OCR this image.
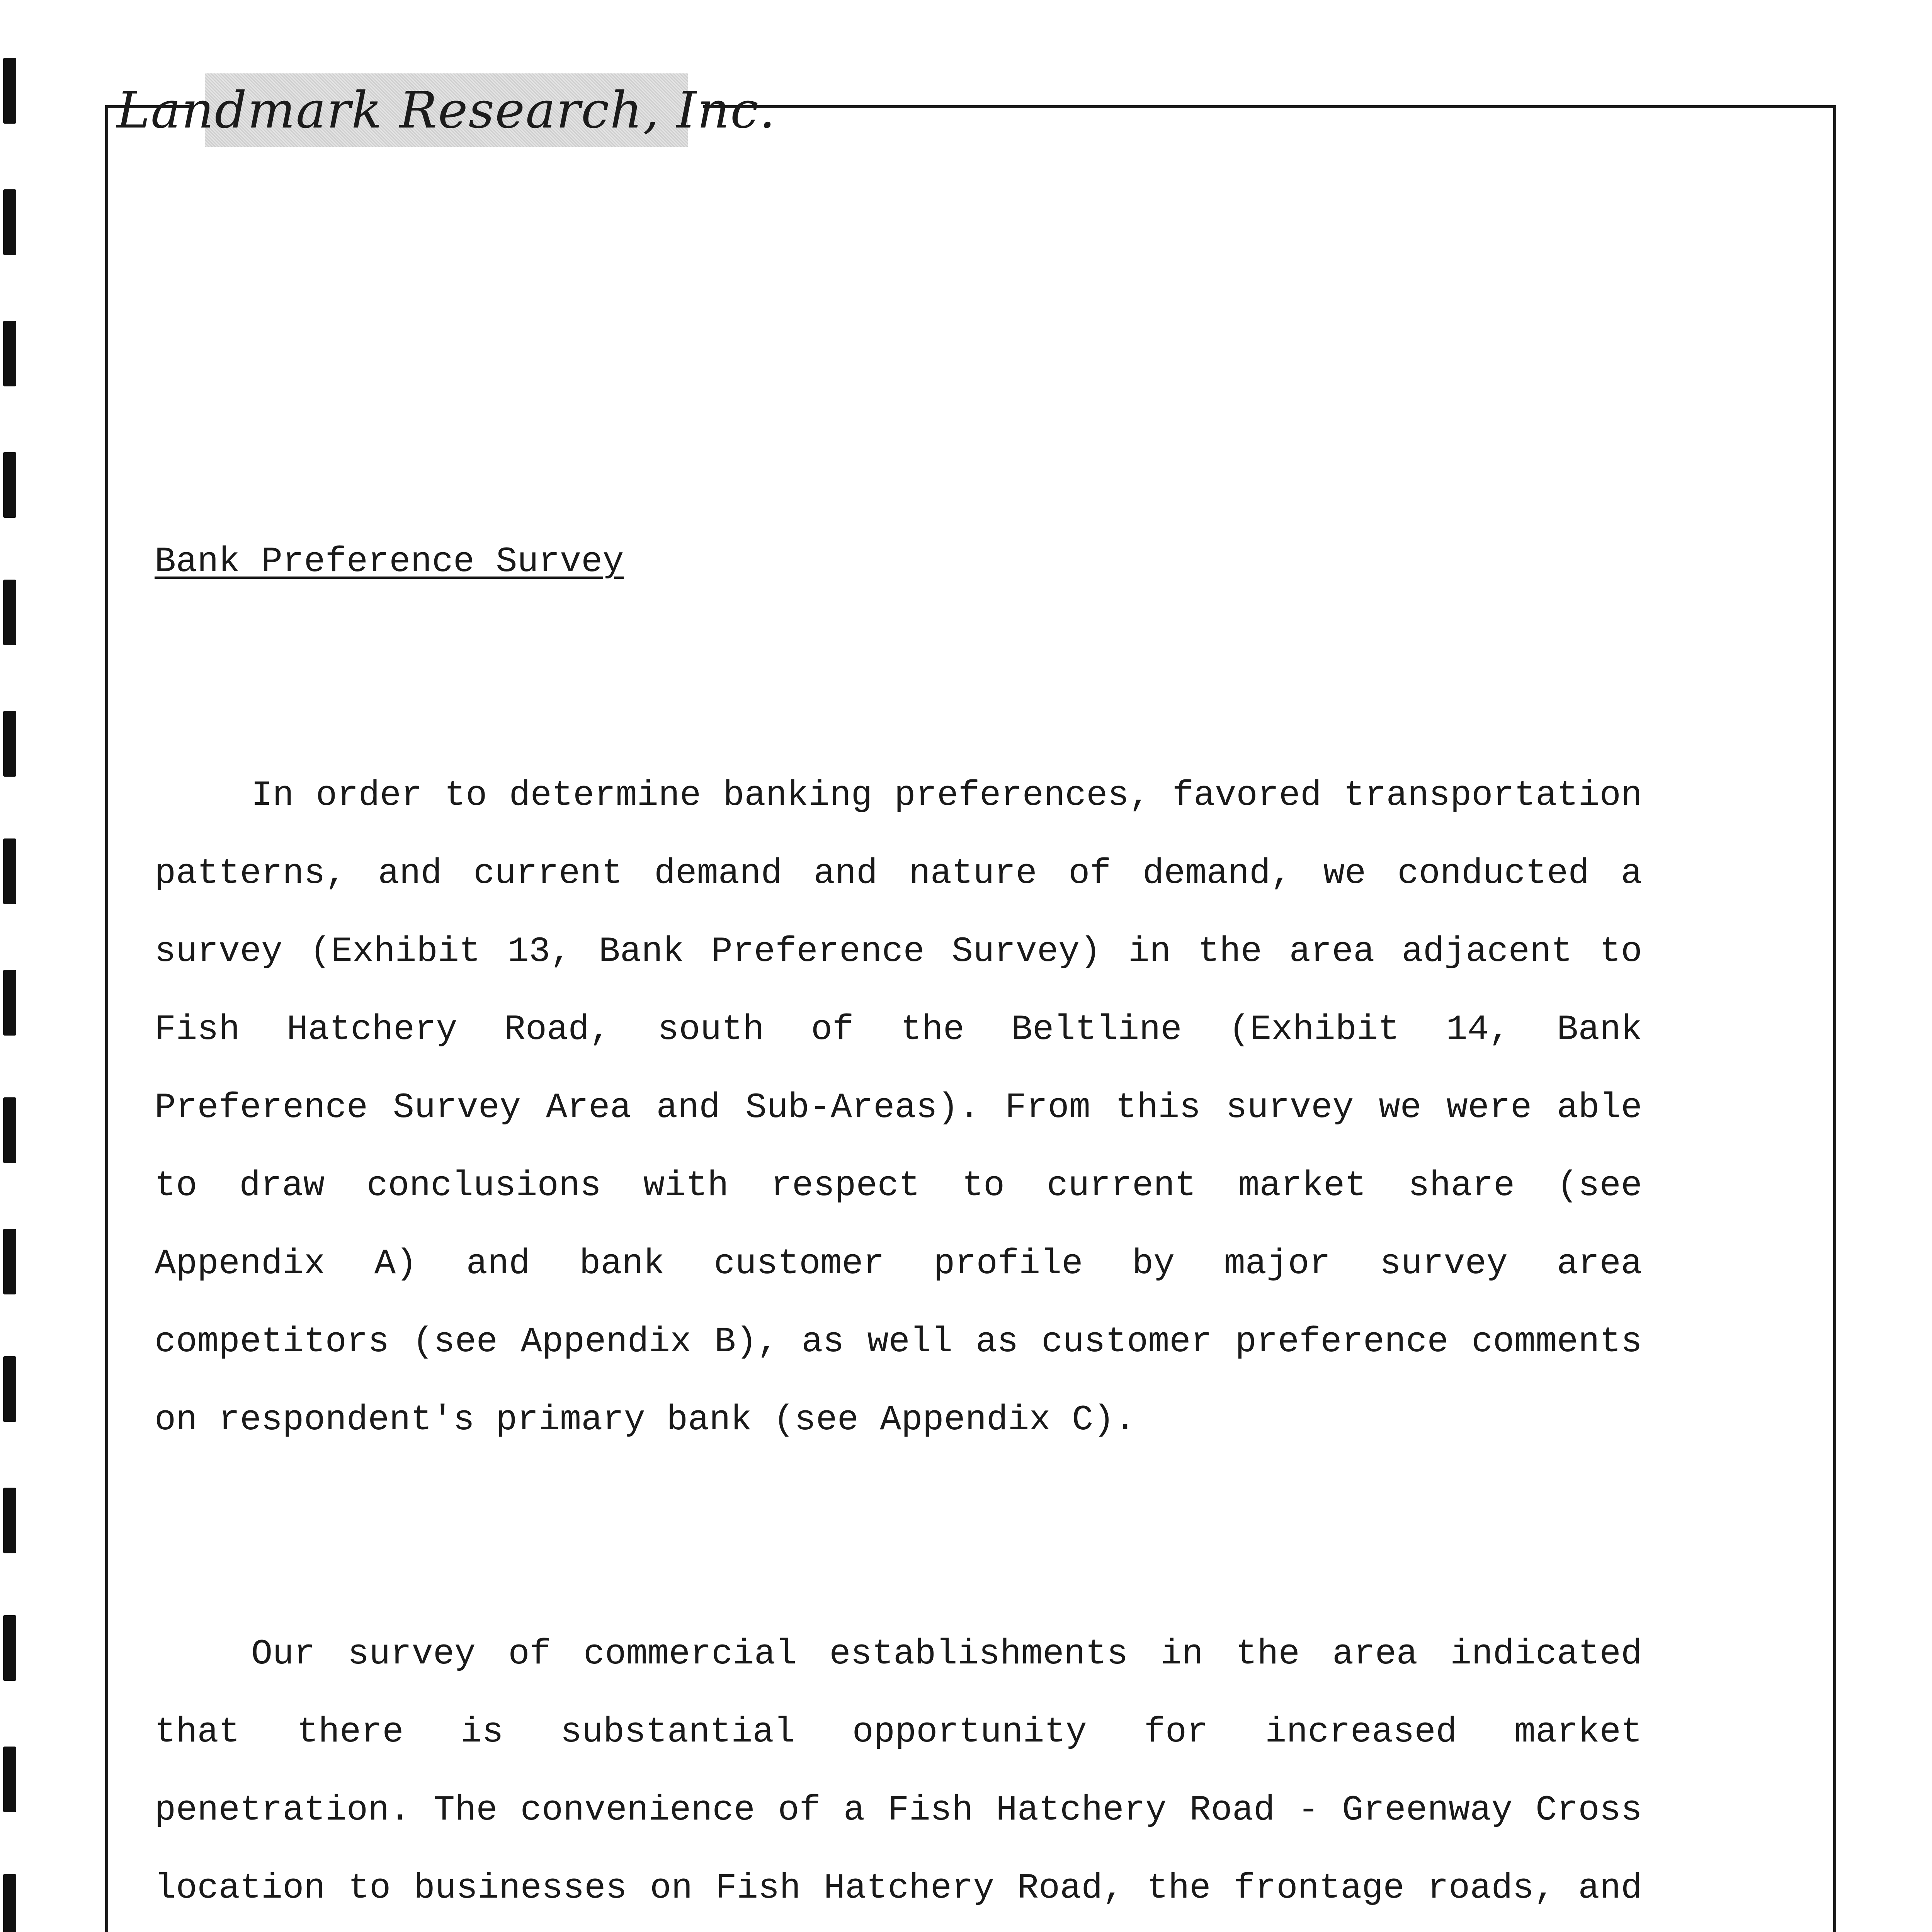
Landmark Research, Inc.

Bank Preference Survey

In order to determine banking preferences, favored transportation patterns, and current demand and nature of demand, we conducted a survey (Exhibit 13, Bank Preference Survey) in the area adjacent to Fish Hatchery Road, south of the Beltline (Exhibit 14, Bank Preference Survey Area and Sub-Areas). From this survey we were able to draw conclusions with respect to current market share (see Appendix A) and bank customer profile by major survey area competitors (see Appendix B), as well as customer preference comments on respondent's primary bank (see Appendix C).

Our survey of commercial establishments in the area indicated that there is substantial opportunity for increased market penetration. The convenience of a Fish Hatchery Road - Greenway Cross location to businesses on Fish Hatchery Road, the frontage roads, and
